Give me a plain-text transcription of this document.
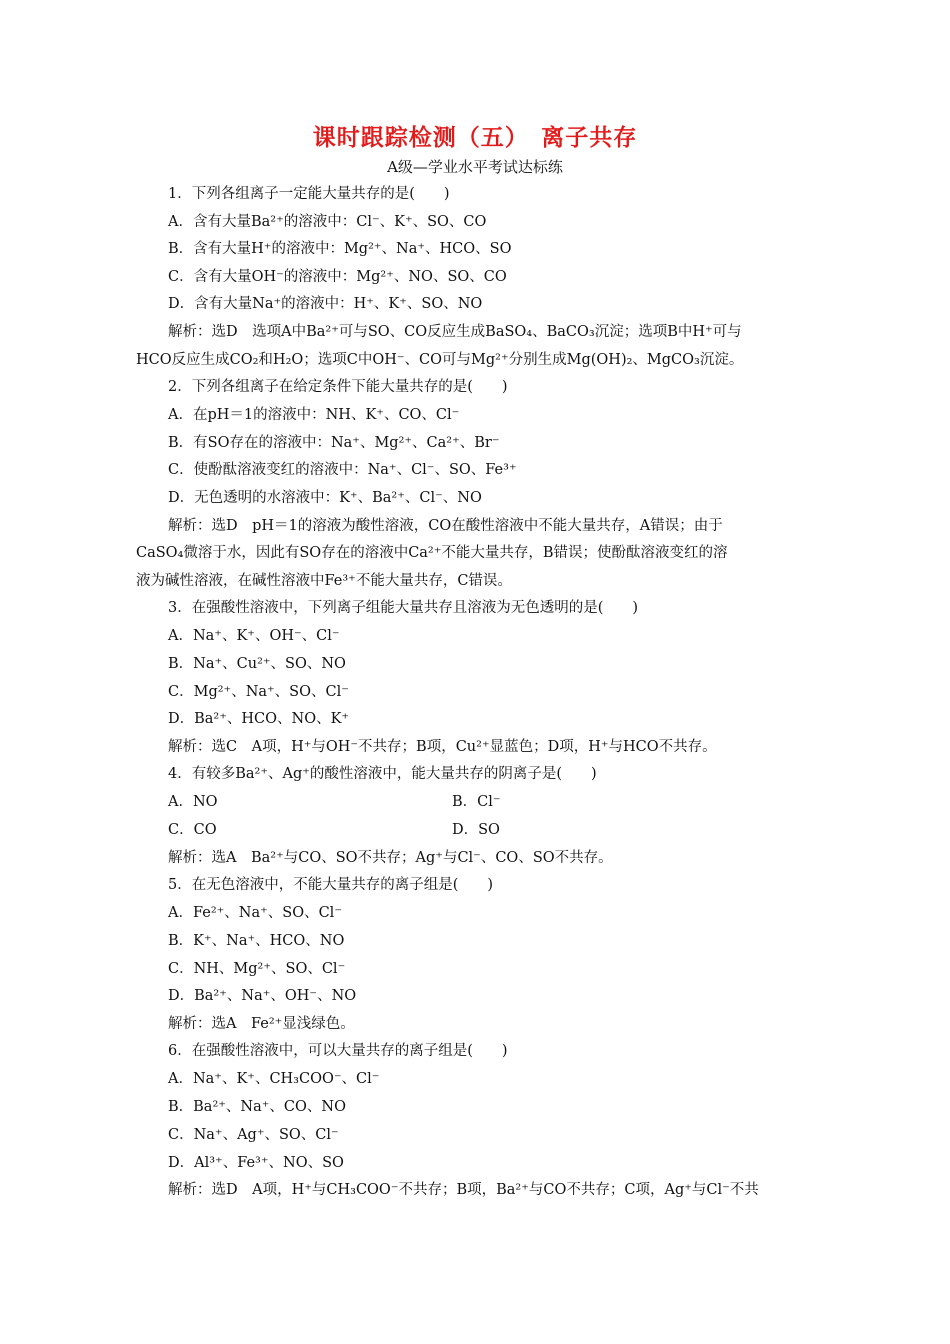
课时跟踪检测（五）　离子共存
A级—学业水平考试达标练
1．下列各组离子一定能大量共存的是(　　)
A．含有大量Ba²⁺的溶液中：Cl⁻、K⁺、SO、CO
B．含有大量H⁺的溶液中：Mg²⁺、Na⁺、HCO、SO
C．含有大量OH⁻的溶液中：Mg²⁺、NO、SO、CO
D．含有大量Na⁺的溶液中：H⁺、K⁺、SO、NO
解析：选D　选项A中Ba²⁺可与SO、CO反应生成BaSO₄、BaCO₃沉淀；选项B中H⁺可与
HCO反应生成CO₂和H₂O；选项C中OH⁻、CO可与Mg²⁺分别生成Mg(OH)₂、MgCO₃沉淀。
2．下列各组离子在给定条件下能大量共存的是(　　)
A．在pH＝1的溶液中：NH、K⁺、CO、Cl⁻
B．有SO存在的溶液中：Na⁺、Mg²⁺、Ca²⁺、Br⁻
C．使酚酞溶液变红的溶液中：Na⁺、Cl⁻、SO、Fe³⁺
D．无色透明的水溶液中：K⁺、Ba²⁺、Cl⁻、NO
解析：选D　pH＝1的溶液为酸性溶液，CO在酸性溶液中不能大量共存，A错误；由于
CaSO₄微溶于水，因此有SO存在的溶液中Ca²⁺不能大量共存，B错误；使酚酞溶液变红的溶
液为碱性溶液，在碱性溶液中Fe³⁺不能大量共存，C错误。
3．在强酸性溶液中，下列离子组能大量共存且溶液为无色透明的是(　　)
A．Na⁺、K⁺、OH⁻、Cl⁻
B．Na⁺、Cu²⁺、SO、NO
C．Mg²⁺、Na⁺、SO、Cl⁻
D．Ba²⁺、HCO、NO、K⁺
解析：选C　A项，H⁺与OH⁻不共存；B项，Cu²⁺显蓝色；D项，H⁺与HCO不共存。
4．有较多Ba²⁺、Ag⁺的酸性溶液中，能大量共存的阴离子是(　　)
A．NO	B．Cl⁻
C．CO	D．SO
解析：选A　Ba²⁺与CO、SO不共存；Ag⁺与Cl⁻、CO、SO不共存。
5．在无色溶液中，不能大量共存的离子组是(　　)
A．Fe²⁺、Na⁺、SO、Cl⁻
B．K⁺、Na⁺、HCO、NO
C．NH、Mg²⁺、SO、Cl⁻
D．Ba²⁺、Na⁺、OH⁻、NO
解析：选A　Fe²⁺显浅绿色。
6．在强酸性溶液中，可以大量共存的离子组是(　　)
A．Na⁺、K⁺、CH₃COO⁻、Cl⁻
B．Ba²⁺、Na⁺、CO、NO
C．Na⁺、Ag⁺、SO、Cl⁻
D．Al³⁺、Fe³⁺、NO、SO
解析：选D　A项，H⁺与CH₃COO⁻不共存；B项，Ba²⁺与CO不共存；C项，Ag⁺与Cl⁻不共
